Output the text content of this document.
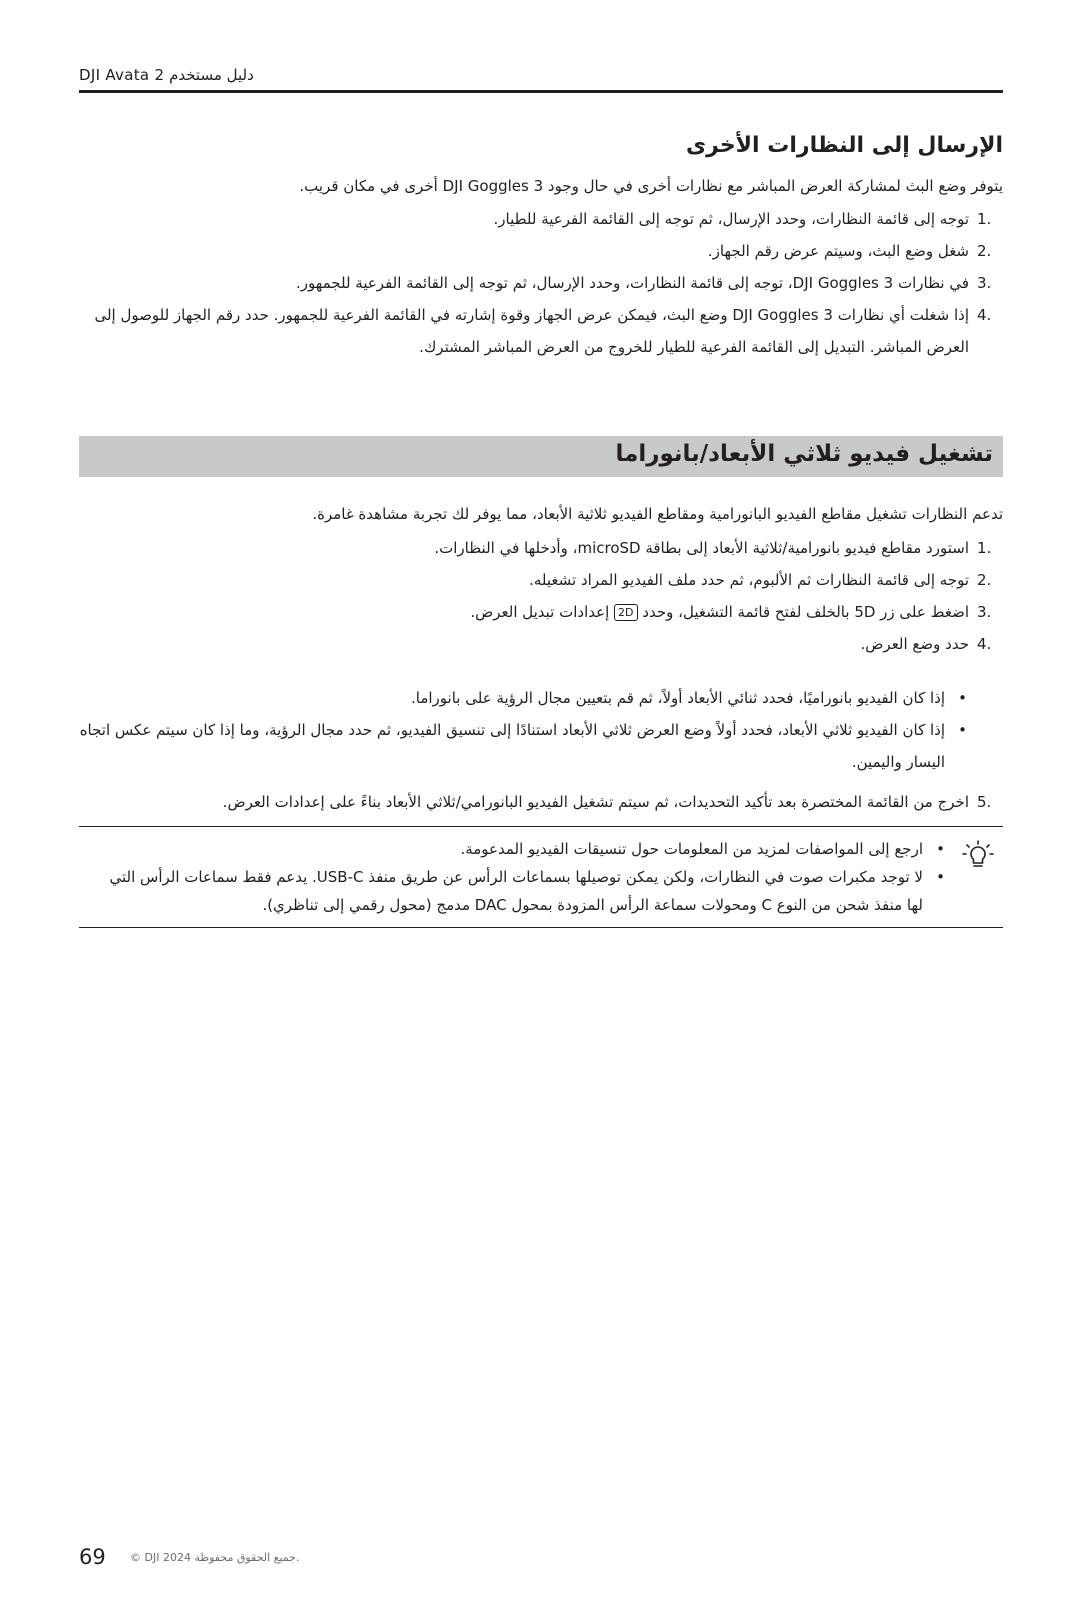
دليل مستخدم DJI Avata 2
الإرسال إلى النظارات الأخرى

يتوفر وضع البث لمشاركة العرض المباشر مع نظارات أخرى في حال وجود DJI Goggles 3 أخرى في مكان قريب.

1.
توجه إلى قائمة النظارات، وحدد الإرسال، ثم توجه إلى القائمة الفرعية للطيار.
2.
شغل وضع البث، وسيتم عرض رقم الجهاز.
3.
في نظارات DJI Goggles 3، توجه إلى قائمة النظارات، وحدد الإرسال، ثم توجه إلى القائمة الفرعية للجمهور.
4.
إذا شغلت أي نظارات DJI Goggles 3 وضع البث، فيمكن عرض الجهاز وقوة إشارته في القائمة الفرعية للجمهور. حدد رقم الجهاز للوصول إلى العرض المباشر. التبديل إلى القائمة الفرعية للطيار للخروج من العرض المباشر المشترك.
تشغيل فيديو ثلاثي الأبعاد/بانوراما

تدعم النظارات تشغيل مقاطع الفيديو البانورامية ومقاطع الفيديو ثلاثية الأبعاد، مما يوفر لك تجربة مشاهدة غامرة.

1.
استورد مقاطع فيديو بانورامية/ثلاثية الأبعاد إلى بطاقة microSD، وأدخلها في النظارات.
2.
توجه إلى قائمة النظارات ثم الألبوم، ثم حدد ملف الفيديو المراد تشغيله.
3.
اضغط على زر 5D بالخلف لفتح قائمة التشغيل، وحدد 2D إعدادات تبديل العرض.
4.
حدد وضع العرض.
•
إذا كان الفيديو بانوراميًا، فحدد ثنائي الأبعاد أولاً، ثم قم بتعيين مجال الرؤية على بانوراما.
•
إذا كان الفيديو ثلاثي الأبعاد، فحدد أولاً وضع العرض ثلاثي الأبعاد استنادًا إلى تنسيق الفيديو، ثم حدد مجال الرؤية، وما إذا كان سيتم عكس اتجاه اليسار واليمين.
5.
اخرج من القائمة المختصرة بعد تأكيد التحديدات، ثم سيتم تشغيل الفيديو البانورامي/ثلاثي الأبعاد بناءً على إعدادات العرض.
•
ارجع إلى المواصفات لمزيد من المعلومات حول تنسيقات الفيديو المدعومة.
•
لا توجد مكبرات صوت في النظارات، ولكن يمكن توصيلها بسماعات الرأس عن طريق منفذ USB-C. يدعم فقط سماعات الرأس التي لها منفذ شحن من النوع C ومحولات سماعة الرأس المزودة بمحول DAC مدمج (محول رقمي إلى تناظري).
69 © DJI 2024 جميع الحقوق محفوظة.
